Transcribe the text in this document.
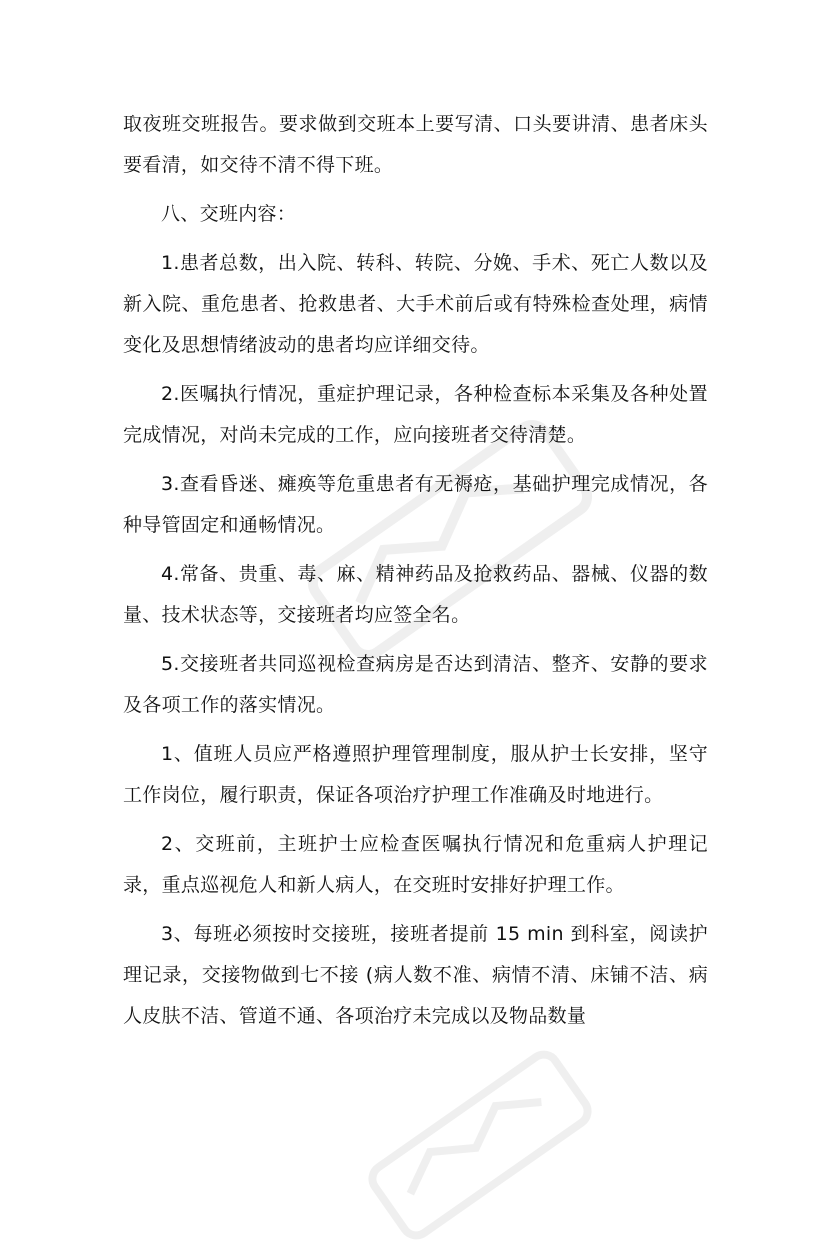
取夜班交班报告。要求做到交班本上要写清、口头要讲清、患者床头要看清，如交待不清不得下班。

八、交班内容：

1.患者总数，出入院、转科、转院、分娩、手术、死亡人数以及新入院、重危患者、抢救患者、大手术前后或有特殊检查处理，病情变化及思想情绪波动的患者均应详细交待。

2.医嘱执行情况，重症护理记录，各种检查标本采集及各种处置完成情况，对尚未完成的工作，应向接班者交待清楚。

3.查看昏迷、瘫痪等危重患者有无褥疮，基础护理完成情况，各种导管固定和通畅情况。

4.常备、贵重、毒、麻、精神药品及抢救药品、器械、仪器的数量、技术状态等，交接班者均应签全名。

5.交接班者共同巡视检查病房是否达到清洁、整齐、安静的要求及各项工作的落实情况。

1、值班人员应严格遵照护理管理制度，服从护士长安排，坚守工作岗位，履行职责，保证各项治疗护理工作准确及时地进行。

2、交班前，主班护士应检查医嘱执行情况和危重病人护理记录，重点巡视危人和新人病人，在交班时安排好护理工作。

3、每班必须按时交接班，接班者提前 15 min 到科室，阅读护理记录，交接物做到七不接 (病人数不准、病情不清、床铺不洁、病人皮肤不洁、管道不通、各项治疗未完成以及物品数量
